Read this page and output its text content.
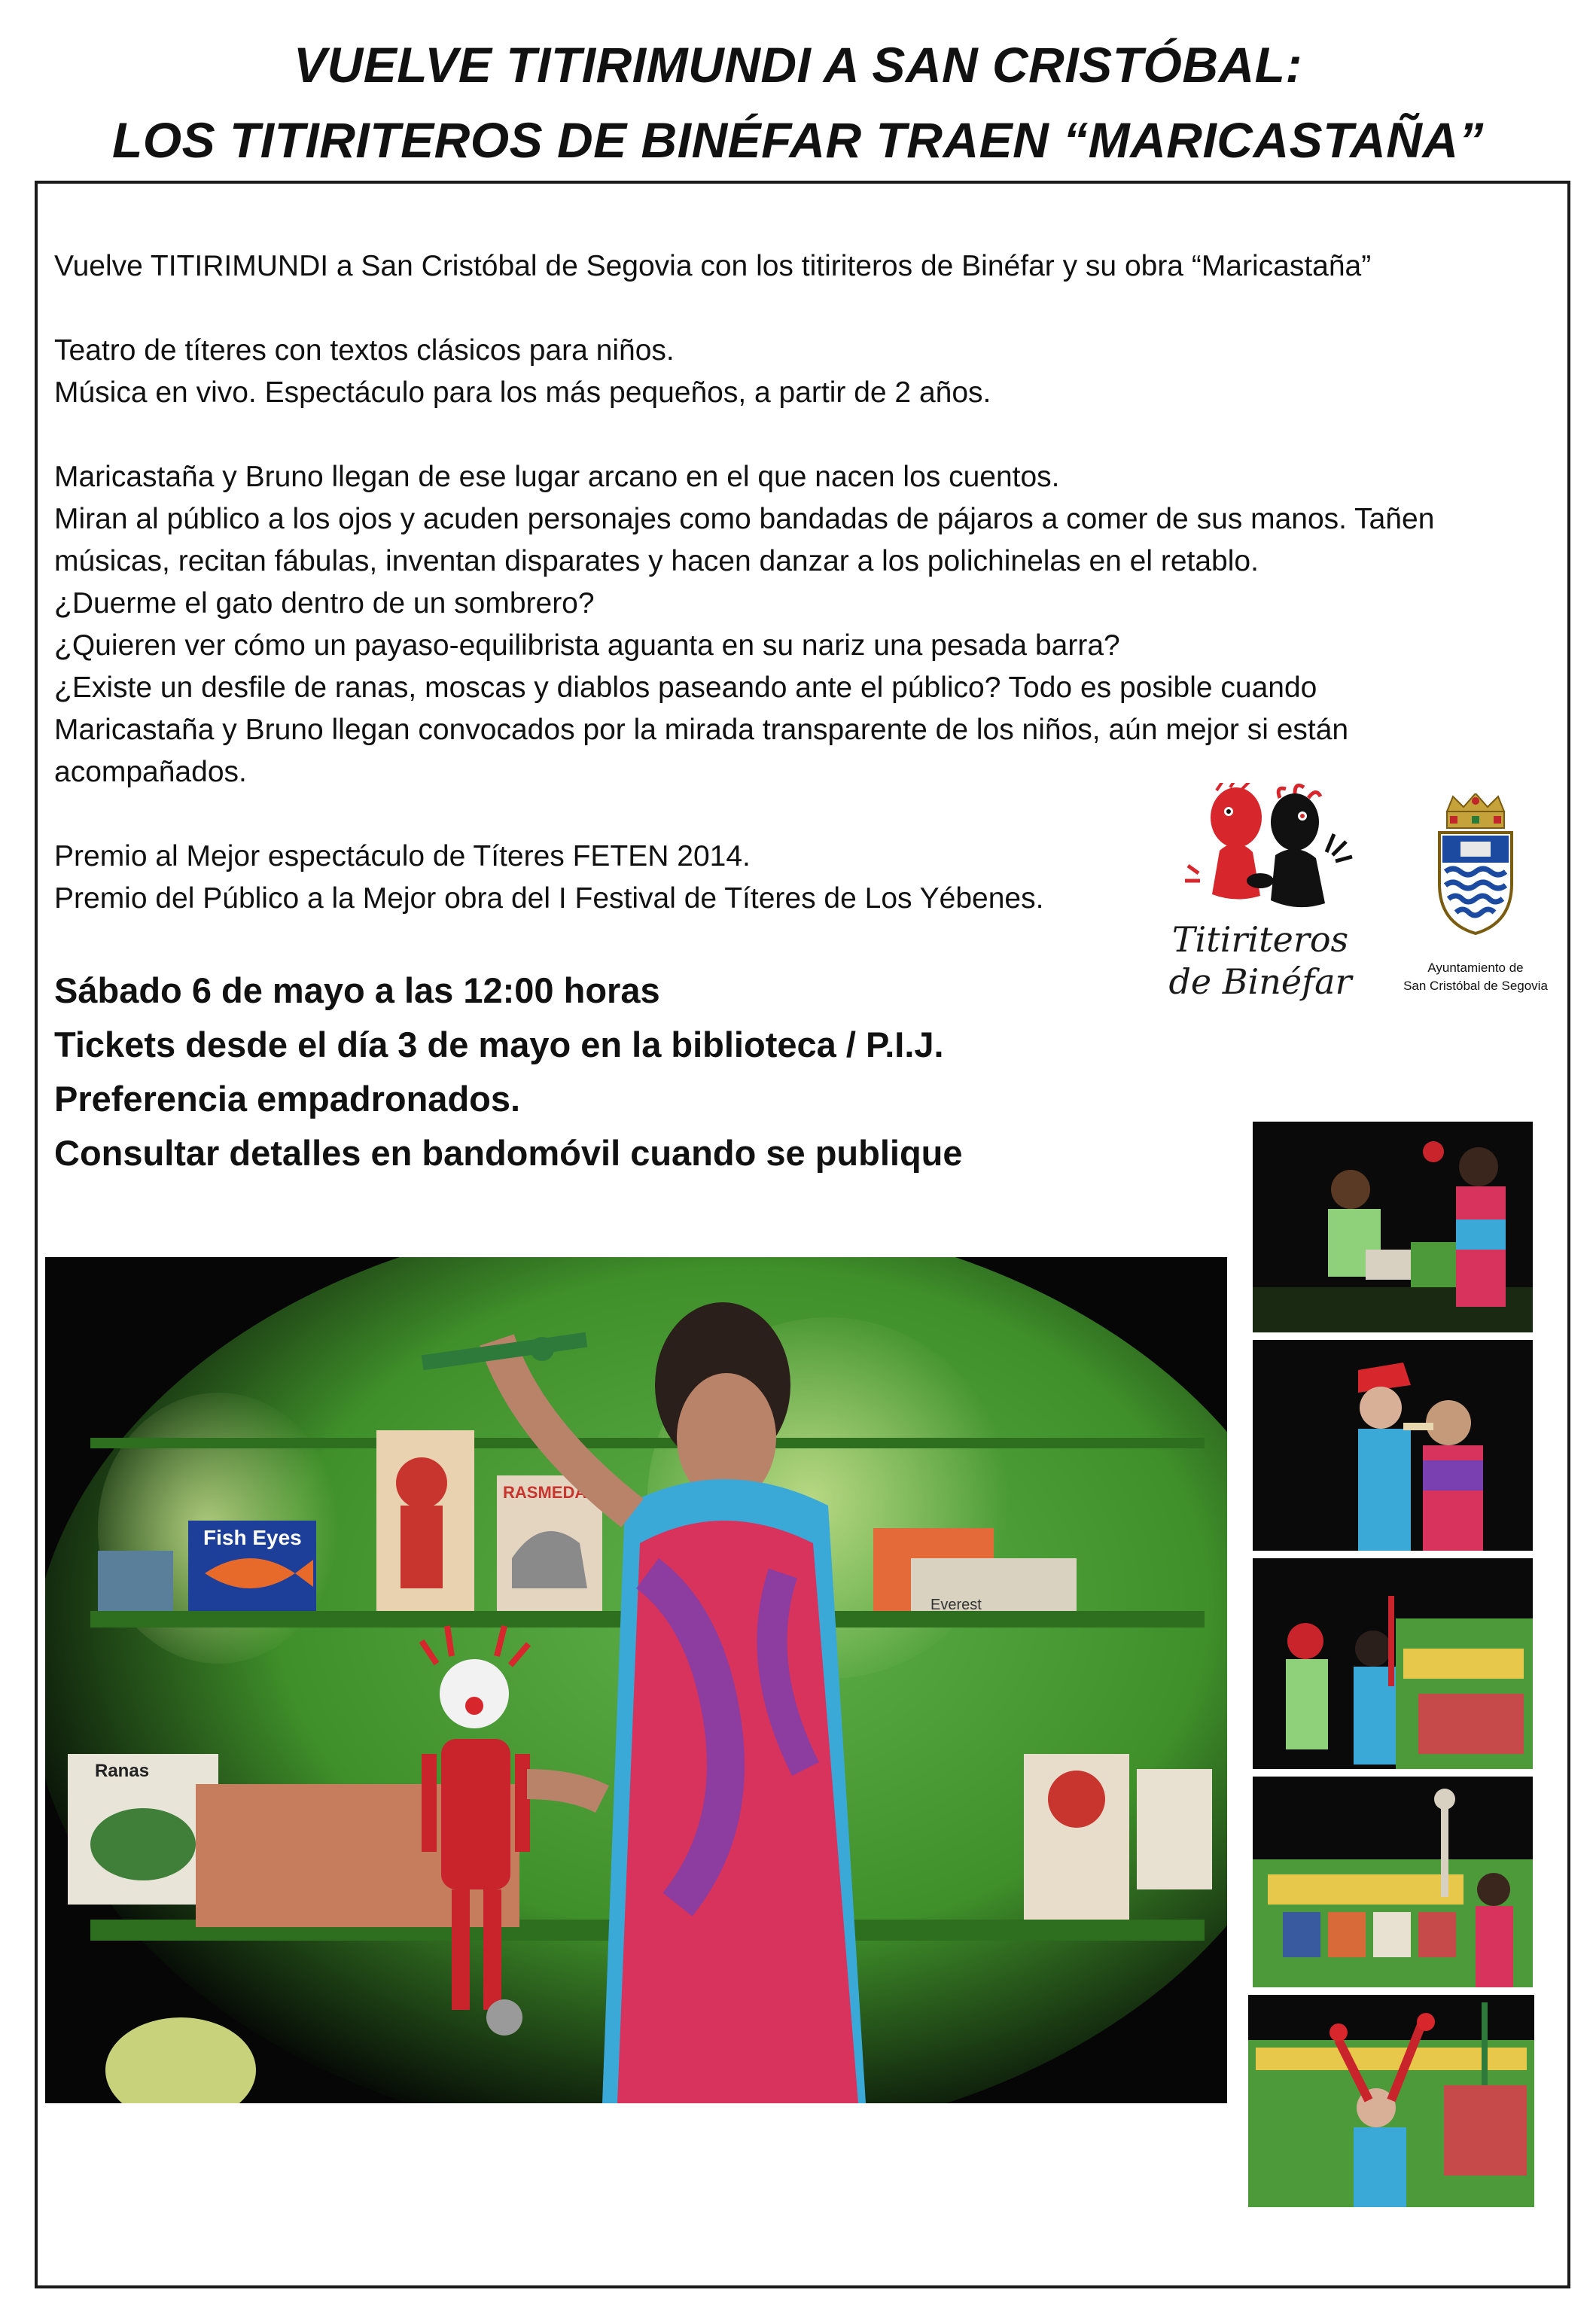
VUELVE TITIRIMUNDI A SAN CRISTÓBAL:
LOS TITIRITEROS DE BINÉFAR TRAEN “MARICASTAÑA”

Vuelve TITIRIMUNDI a San Cristóbal de Segovia con los titiriteros de Binéfar y su obra “Maricastaña”

Teatro de títeres con textos clásicos para niños.

Música en vivo. Espectáculo para los más pequeños, a partir de 2 años.

Maricastaña y Bruno llegan de ese lugar arcano en el que nacen los cuentos.

Miran al público a los ojos y acuden personajes como bandadas de pájaros a comer de sus manos. Tañen

músicas, recitan fábulas, inventan disparates y hacen danzar a los polichinelas en el retablo.

¿Duerme el gato dentro de un sombrero?

¿Quieren ver cómo un payaso-equilibrista aguanta en su nariz una pesada barra?

¿Existe un desfile de ranas, moscas y diablos paseando ante el público? Todo es posible cuando

Maricastaña y Bruno llegan convocados por la mirada transparente de los niños, aún mejor si están

acompañados.

Premio al Mejor espectáculo de Títeres FETEN 2014.

Premio del Público a la Mejor obra del I Festival de Títeres de Los Yébenes.

Sábado 6 de mayo a las 12:00 horas

Tickets desde el día 3 de mayo en la biblioteca / P.I.J.

Preferencia empadronados.

Consultar detalles en bandomóvil cuando se publique

Titiriteros
de Binéfar	Ayuntamiento de
San Cristóbal de Segovia
Fish Eyes
RASMEDA
Everest
Ranas
